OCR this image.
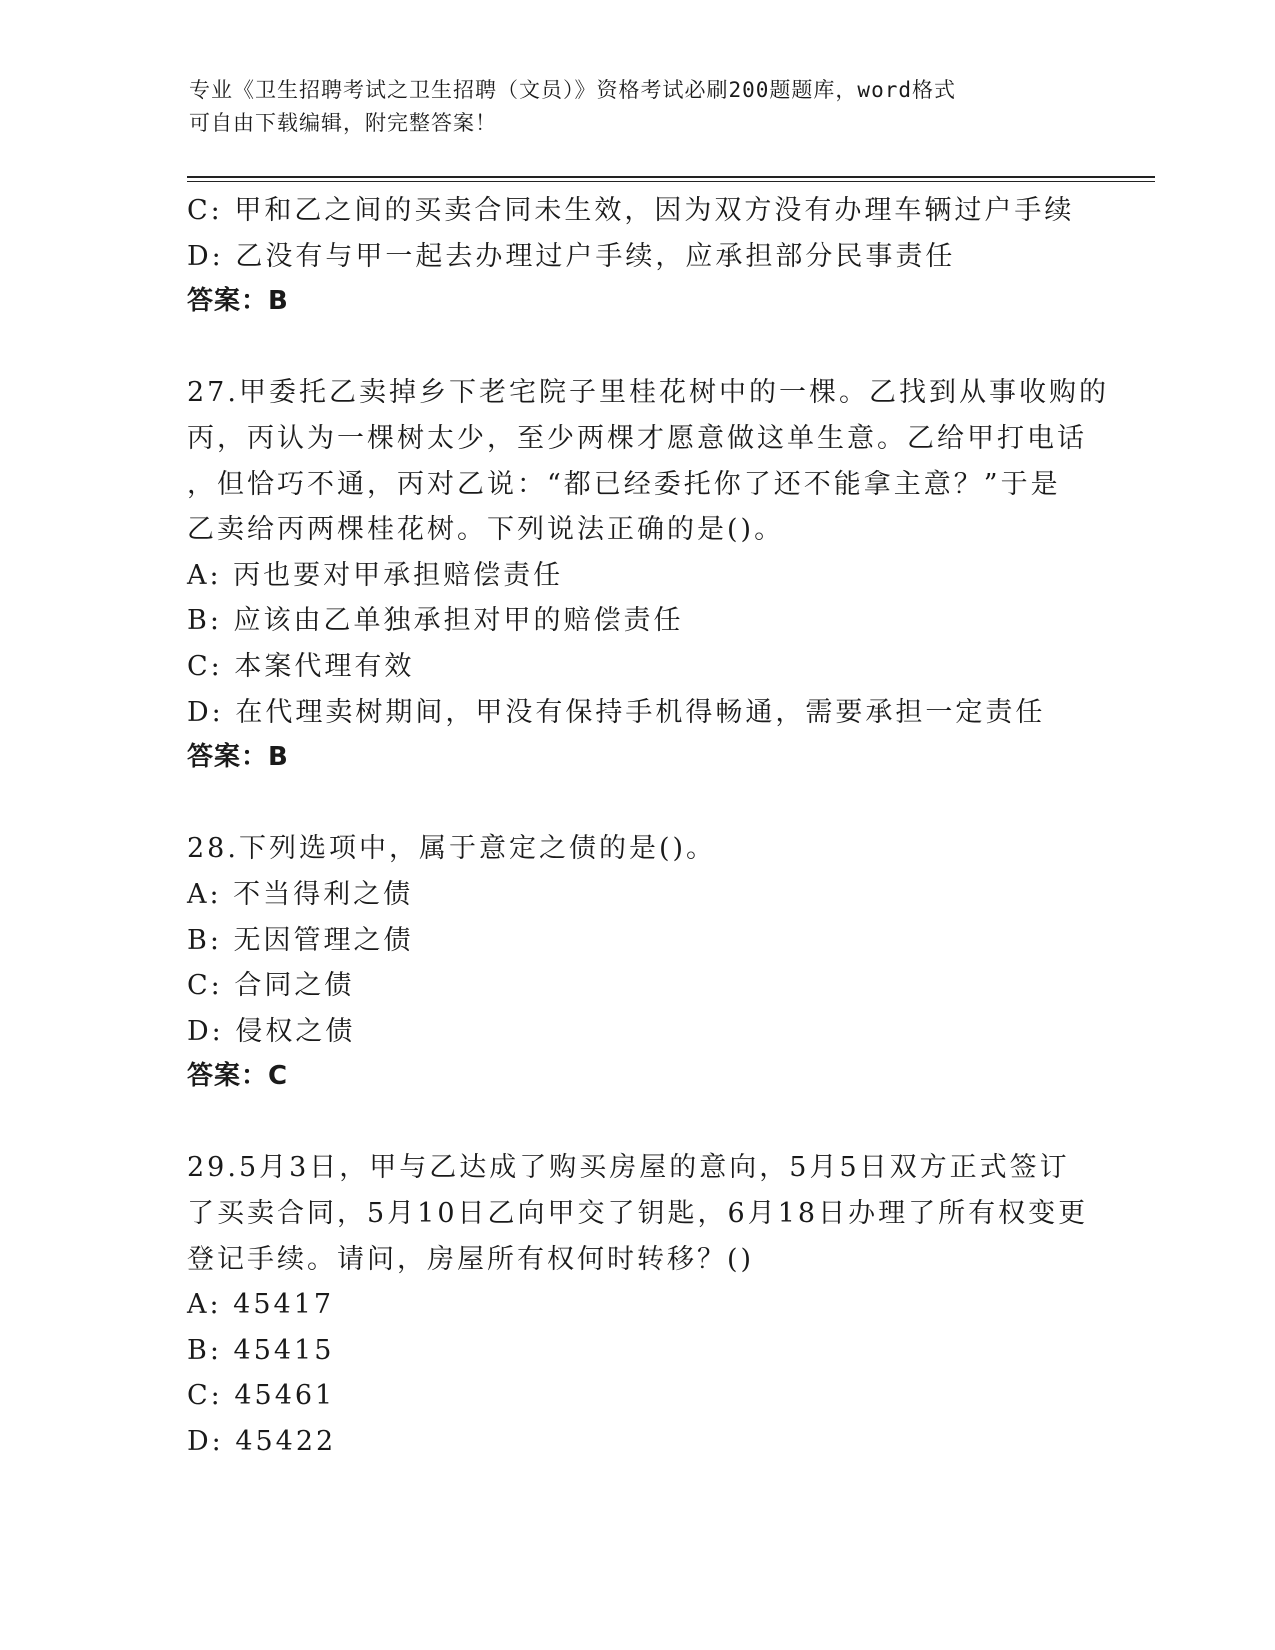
专业《卫生招聘考试之卫生招聘（文员）》资格考试必刷200题题库，word格式
可自由下载编辑，附完整答案！
C: 甲和乙之间的买卖合同未生效，因为双方没有办理车辆过户手续
D: 乙没有与甲一起去办理过户手续，应承担部分民事责任
答案：B
27.甲委托乙卖掉乡下老宅院子里桂花树中的一棵。乙找到从事收购的
丙，丙认为一棵树太少，至少两棵才愿意做这单生意。乙给甲打电话
，但恰巧不通，丙对乙说：“都已经委托你了还不能拿主意？”于是
乙卖给丙两棵桂花树。下列说法正确的是()。
A: 丙也要对甲承担赔偿责任
B: 应该由乙单独承担对甲的赔偿责任
C: 本案代理有效
D: 在代理卖树期间，甲没有保持手机得畅通，需要承担一定责任
答案：B
28.下列选项中，属于意定之债的是()。
A: 不当得利之债
B: 无因管理之债
C: 合同之债
D: 侵权之债
答案：C
29.5月3日，甲与乙达成了购买房屋的意向，5月5日双方正式签订
了买卖合同，5月10日乙向甲交了钥匙，6月18日办理了所有权变更
登记手续。请问，房屋所有权何时转移？()
A: 45417
B: 45415
C: 45461
D: 45422
